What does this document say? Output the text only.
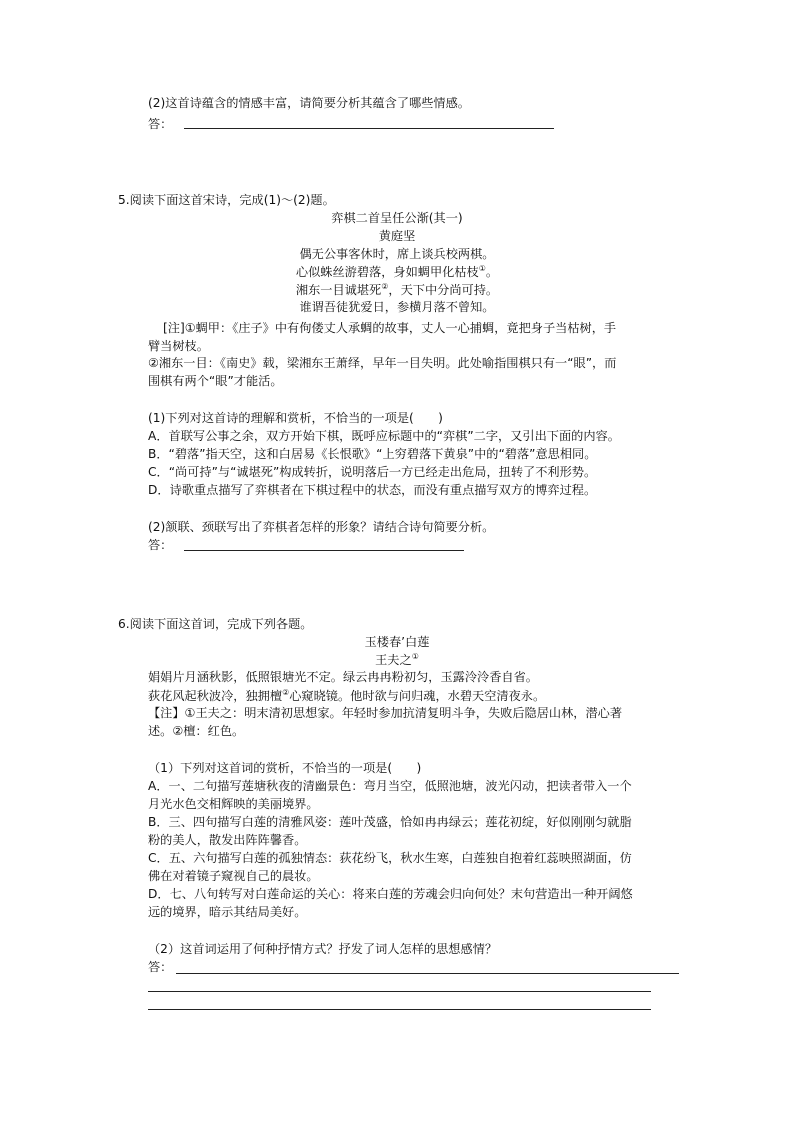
(2)这首诗蕴含的情感丰富，请简要分析其蕴含了哪些情感。
答：
5.阅读下面这首宋诗，完成(1)～(2)题。
弈棋二首呈任公渐(其一)
黄庭坚
偶无公事客休时，席上谈兵校两棋。
心似蛛丝游碧落，身如蜩甲化枯枝①。
湘东一目诚堪死②，天下中分尚可持。
谁谓吾徒犹爱日，参横月落不曾知。
[注]①蜩甲：《庄子》中有佝偻丈人承蜩的故事，丈人一心捕蜩，竟把身子当枯树，手
臂当树枝。
②湘东一目：《南史》载，梁湘东王萧绎，早年一目失明。此处喻指围棋只有一“眼”，而
围棋有两个“眼”才能活。
(1)下列对这首诗的理解和赏析，不恰当的一项是(　　)
A．首联写公事之余，双方开始下棋，既呼应标题中的“弈棋”二字，又引出下面的内容。
B．“碧落”指天空，这和白居易《长恨歌》“上穷碧落下黄泉”中的“碧落”意思相同。
C．“尚可持”与“诚堪死”构成转折，说明落后一方已经走出危局，扭转了不利形势。
D．诗歌重点描写了弈棋者在下棋过程中的状态，而没有重点描写双方的博弈过程。
(2)颔联、颈联写出了弈棋者怎样的形象？请结合诗句简要分析。
答：
6.阅读下面这首词，完成下列各题。
玉楼春’白莲
王夫之①
娟娟片月涵秋影，低照银塘光不定。绿云冉冉粉初匀，玉露泠泠香自省。
荻花风起秋波冷，独拥檀②心窥晓镜。他时欲与问归魂，水碧天空清夜永。
【注】①王夫之：明末清初思想家。年轻时参加抗清复明斗争，失败后隐居山林，潜心著
述。②檀：红色。
（1）下列对这首词的赏析，不恰当的一项是(　　)
A．一、二句描写莲塘秋夜的清幽景色：弯月当空，低照池塘，波光闪动，把读者带入一个
月光水色交相辉映的美丽境界。
B．三、四句描写白莲的清雅风姿：莲叶茂盛，恰如冉冉绿云；莲花初绽，好似刚刚匀就脂
粉的美人，散发出阵阵馨香。
C．五、六句描写白莲的孤独情态：荻花纷飞，秋水生寒，白莲独自抱着红蕊映照湖面，仿
佛在对着镜子窥视自己的晨妆。
D．七、八句转写对白莲命运的关心：将来白莲的芳魂会归向何处？末句营造出一种开阔悠
远的境界，暗示其结局美好。
（2）这首词运用了何种抒情方式？抒发了词人怎样的思想感情？
答：
